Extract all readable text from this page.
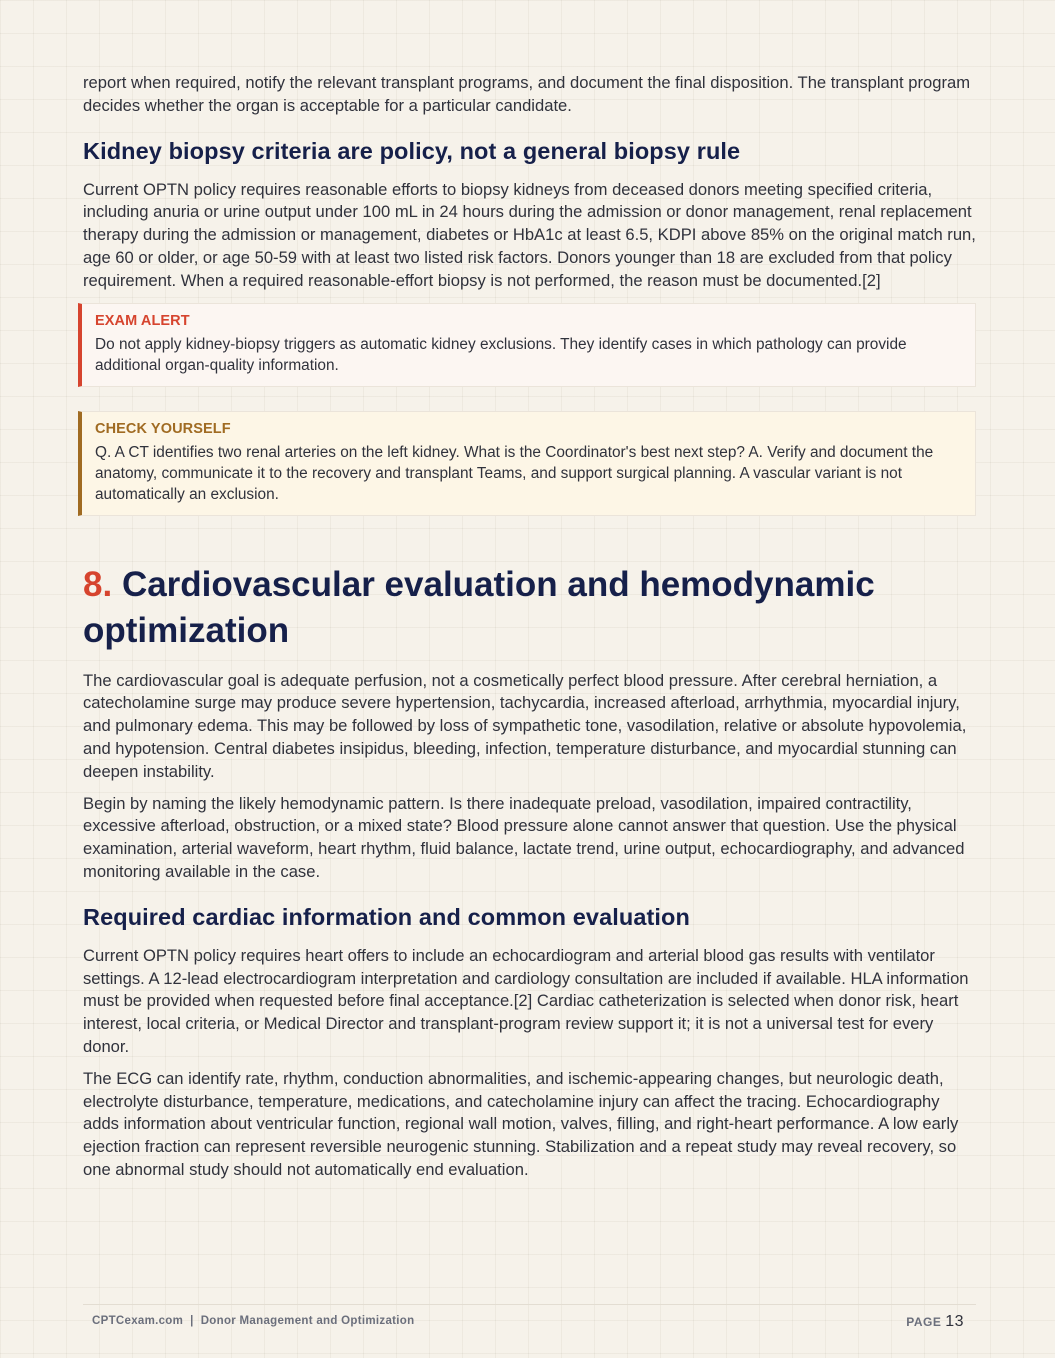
report when required, notify the relevant transplant programs, and document the final disposition. The transplant program decides whether the organ is acceptable for a particular candidate.

Kidney biopsy criteria are policy, not a general biopsy rule

Current OPTN policy requires reasonable efforts to biopsy kidneys from deceased donors meeting specified criteria, including anuria or urine output under 100 mL in 24 hours during the admission or donor management, renal replacement therapy during the admission or management, diabetes or HbA1c at least 6.5, KDPI above 85% on the original match run, age 60 or older, or age 50-59 with at least two listed risk factors. Donors younger than 18 are excluded from that policy requirement. When a required reasonable-effort biopsy is not performed, the reason must be documented.[2]

EXAM ALERT
Do not apply kidney-biopsy triggers as automatic kidney exclusions. They identify cases in which pathology can provide additional organ-quality information.
CHECK YOURSELF
Q. A CT identifies two renal arteries on the left kidney. What is the Coordinator's best next step? A. Verify and document the anatomy, communicate it to the recovery and transplant Teams, and support surgical planning. A vascular variant is not automatically an exclusion.
8. Cardiovascular evaluation and hemodynamic optimization

The cardiovascular goal is adequate perfusion, not a cosmetically perfect blood pressure. After cerebral herniation, a catecholamine surge may produce severe hypertension, tachycardia, increased afterload, arrhythmia, myocardial injury, and pulmonary edema. This may be followed by loss of sympathetic tone, vasodilation, relative or absolute hypovolemia, and hypotension. Central diabetes insipidus, bleeding, infection, temperature disturbance, and myocardial stunning can deepen instability.

Begin by naming the likely hemodynamic pattern. Is there inadequate preload, vasodilation, impaired contractility, excessive afterload, obstruction, or a mixed state? Blood pressure alone cannot answer that question. Use the physical examination, arterial waveform, heart rhythm, fluid balance, lactate trend, urine output, echocardiography, and advanced monitoring available in the case.

Required cardiac information and common evaluation

Current OPTN policy requires heart offers to include an echocardiogram and arterial blood gas results with ventilator settings. A 12-lead electrocardiogram interpretation and cardiology consultation are included if available. HLA information must be provided when requested before final acceptance.[2] Cardiac catheterization is selected when donor risk, heart interest, local criteria, or Medical Director and transplant-program review support it; it is not a universal test for every donor.

The ECG can identify rate, rhythm, conduction abnormalities, and ischemic-appearing changes, but neurologic death, electrolyte disturbance, temperature, medications, and catecholamine injury can affect the tracing. Echocardiography adds information about ventricular function, regional wall motion, valves, filling, and right-heart performance. A low early ejection fraction can represent reversible neurogenic stunning. Stabilization and a repeat study may reveal recovery, so one abnormal study should not automatically end evaluation.

CPTCexam.com | Donor Management and Optimization	PAGE 13
